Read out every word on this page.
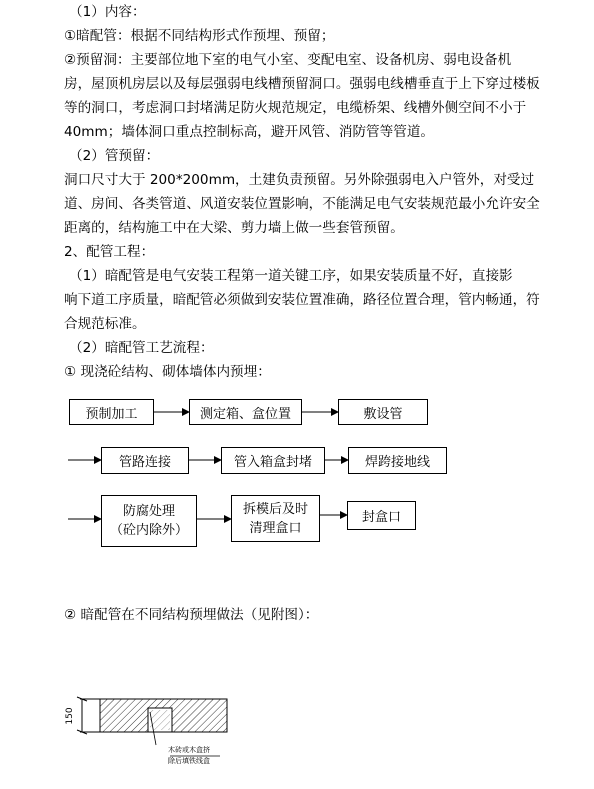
（1）内容：
①暗配管：根据不同结构形式作预埋、预留；
②预留洞：主要部位地下室的电气小室、变配电室、设备机房、弱电设备机
房，屋顶机房层以及每层强弱电线槽预留洞口。强弱电线槽垂直于上下穿过楼板
等的洞口，考虑洞口封堵满足防火规范规定，电缆桥架、线槽外侧空间不小于
40mm；墙体洞口重点控制标高，避开风管、消防管等管道。
（2）管预留：
洞口尺寸大于 200*200mm，土建负责预留。另外除强弱电入户管外，对受过
道、房间、各类管道、风道安装位置影响，不能满足电气安装规范最小允许安全
距离的，结构施工中在大梁、剪力墙上做一些套管预留。
2、配管工程：
（1）暗配管是电气安装工程第一道关键工序，如果安装质量不好，直接影
响下道工序质量，暗配管必须做到安装位置准确，路径位置合理，管内畅通，符
合规范标准。
（2）暗配管工艺流程：
① 现浇砼结构、砌体墙体内预埋：
预制加工	测定箱、盒位置	敷设管
管路连接	管入箱盒封堵	焊跨接地线
防腐处理
（砼内除外）
拆模后及时
清理盒口
封盒口
② 暗配管在不同结构预埋做法（见附图）：
150
木砖或木盒挤
除后填铁线盒
